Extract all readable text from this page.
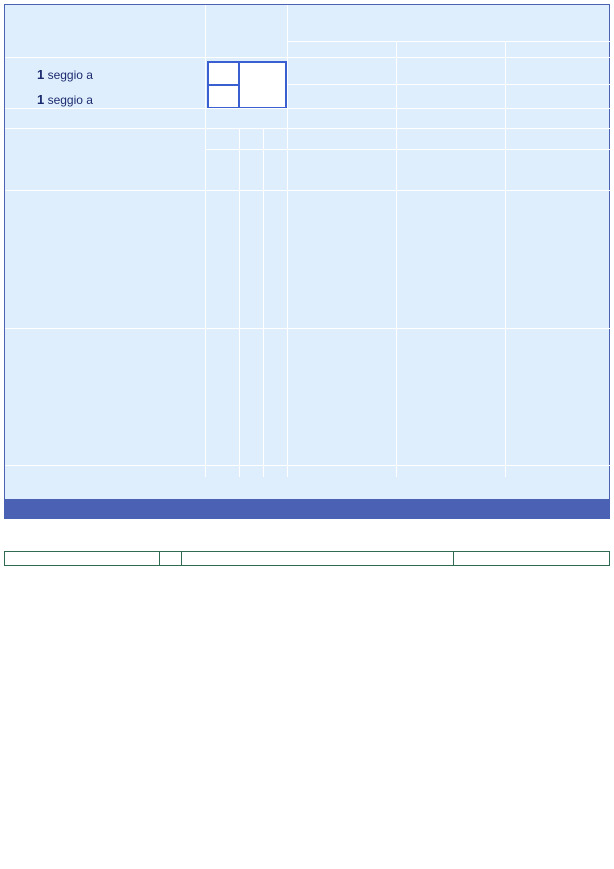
1 seggio a
1 seggio a
